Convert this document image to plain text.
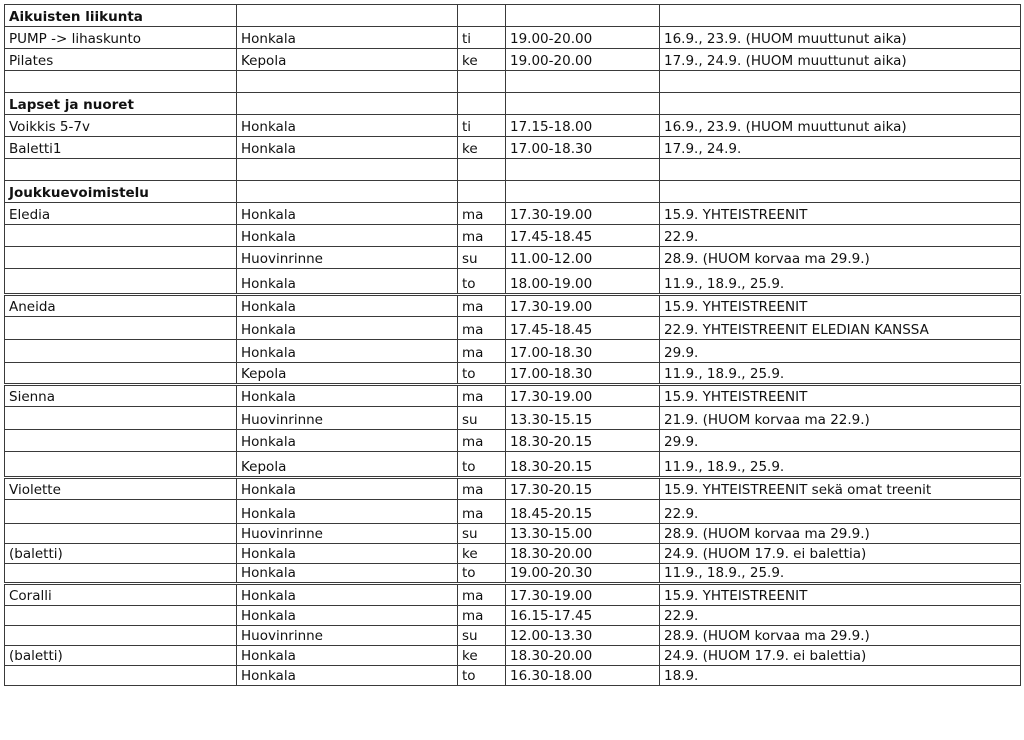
Aikuisten liikunta				
PUMP -> lihaskunto	Honkala	ti	19.00-20.00	16.9., 23.9. (HUOM muuttunut aika)
Pilates	Kepola	ke	19.00-20.00	17.9., 24.9. (HUOM muuttunut aika)

Lapset ja nuoret				
Voikkis 5-7v	Honkala	ti	17.15-18.00	16.9., 23.9. (HUOM muuttunut aika)
Baletti1	Honkala	ke	17.00-18.30	17.9., 24.9.

Joukkuevoimistelu				
Eledia	Honkala	ma	17.30-19.00	15.9. YHTEISTREENIT
	Honkala	ma	17.45-18.45	22.9.
	Huovinrinne	su	11.00-12.00	28.9. (HUOM korvaa ma 29.9.)
	Honkala	to	18.00-19.00	11.9., 18.9., 25.9.
Aneida	Honkala	ma	17.30-19.00	15.9. YHTEISTREENIT
	Honkala	ma	17.45-18.45	22.9. YHTEISTREENIT ELEDIAN KANSSA
	Honkala	ma	17.00-18.30	29.9.
	Kepola	to	17.00-18.30	11.9., 18.9., 25.9.
Sienna	Honkala	ma	17.30-19.00	15.9. YHTEISTREENIT
	Huovinrinne	su	13.30-15.15	21.9. (HUOM korvaa ma 22.9.)
	Honkala	ma	18.30-20.15	29.9.
	Kepola	to	18.30-20.15	11.9., 18.9., 25.9.
Violette	Honkala	ma	17.30-20.15	15.9. YHTEISTREENIT sekä omat treenit
	Honkala	ma	18.45-20.15	22.9.
	Huovinrinne	su	13.30-15.00	28.9. (HUOM korvaa ma 29.9.)
(baletti)	Honkala	ke	18.30-20.00	24.9. (HUOM 17.9. ei balettia)
	Honkala	to	19.00-20.30	11.9., 18.9., 25.9.
Coralli	Honkala	ma	17.30-19.00	15.9. YHTEISTREENIT
	Honkala	ma	16.15-17.45	22.9.
	Huovinrinne	su	12.00-13.30	28.9. (HUOM korvaa ma 29.9.)
(baletti)	Honkala	ke	18.30-20.00	24.9. (HUOM 17.9. ei balettia)
	Honkala	to	16.30-18.00	18.9.
